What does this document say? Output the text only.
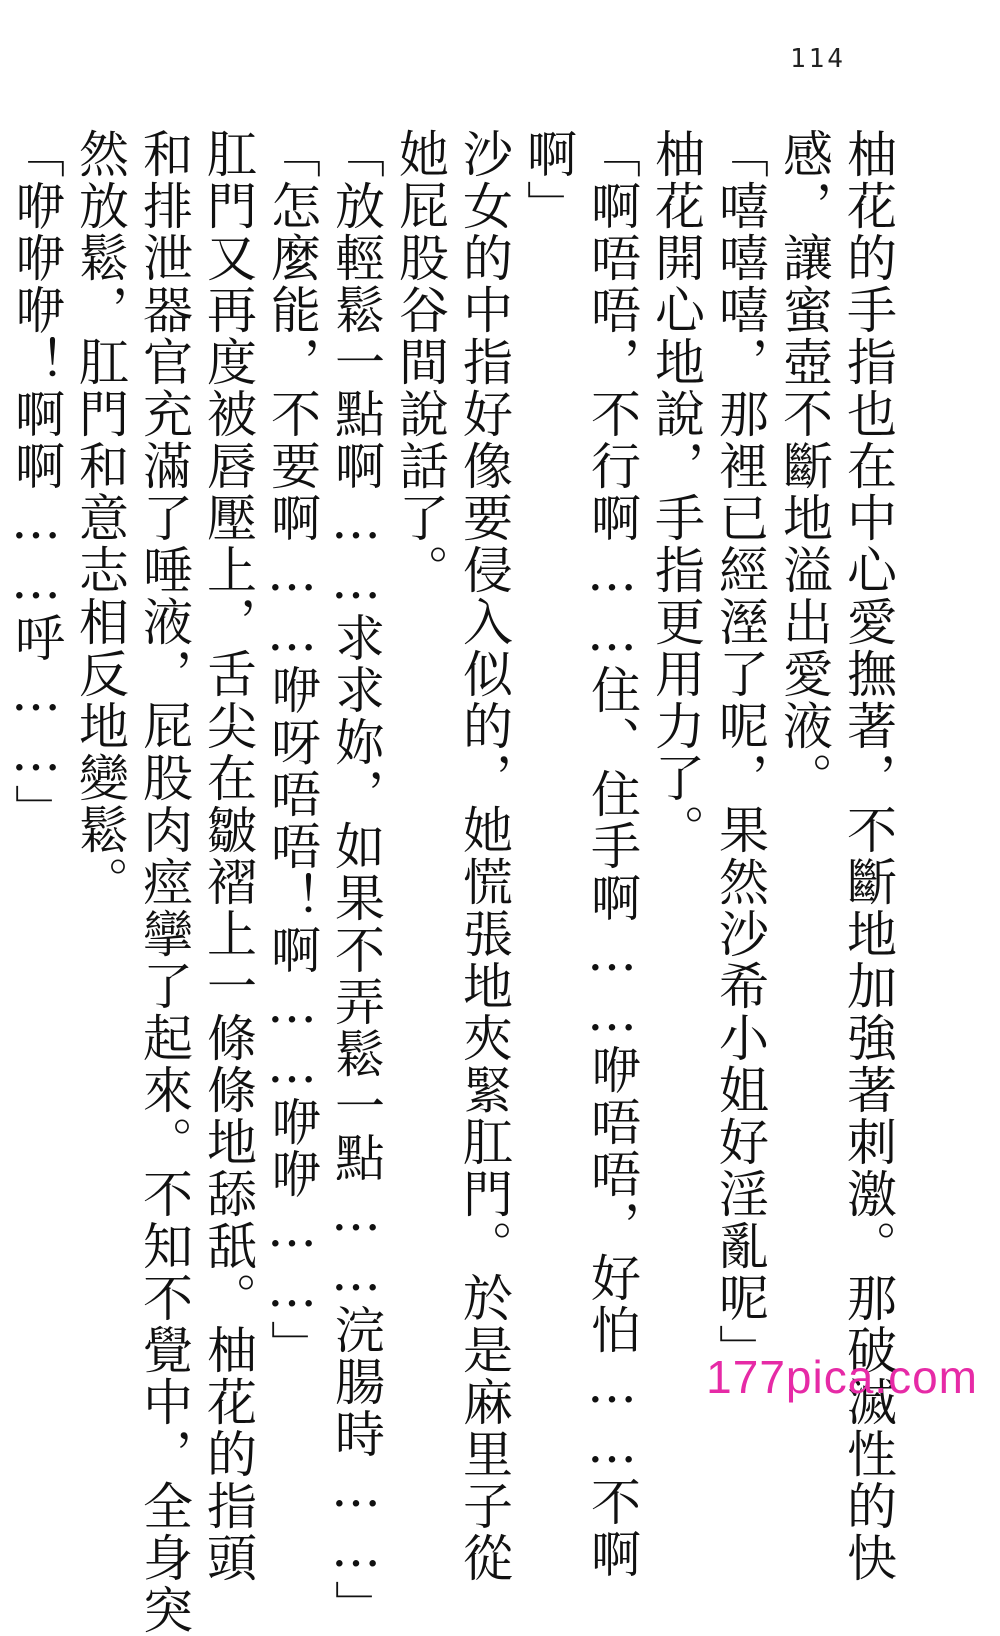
114
柚花的手指也在中心愛撫著，不斷地加強著刺激。那破滅性的快
感，讓蜜壺不斷地溢出愛液。
「嘻嘻嘻，那裡已經溼了呢，果然沙希小姐好淫亂呢」
柚花開心地說，手指更用力了。
「啊唔唔，不行啊……住、住手啊……咿唔唔，好怕……不啊
啊」
沙女的中指好像要侵入似的，她慌張地夾緊肛門。於是麻里子從
她屁股谷間說話了。
「放輕鬆一點啊……求求妳，如果不弄鬆一點……浣腸時……」
「怎麼能，不要啊……咿呀唔唔！啊……咿咿……」
肛門又再度被唇壓上，舌尖在皺褶上一條條地舔舐。柚花的指頭
和排泄器官充滿了唾液，屁股肉痙攣了起來。不知不覺中，全身突
然放鬆，肛門和意志相反地變鬆。
「咿咿咿！啊啊……呼……」
177pica.com
